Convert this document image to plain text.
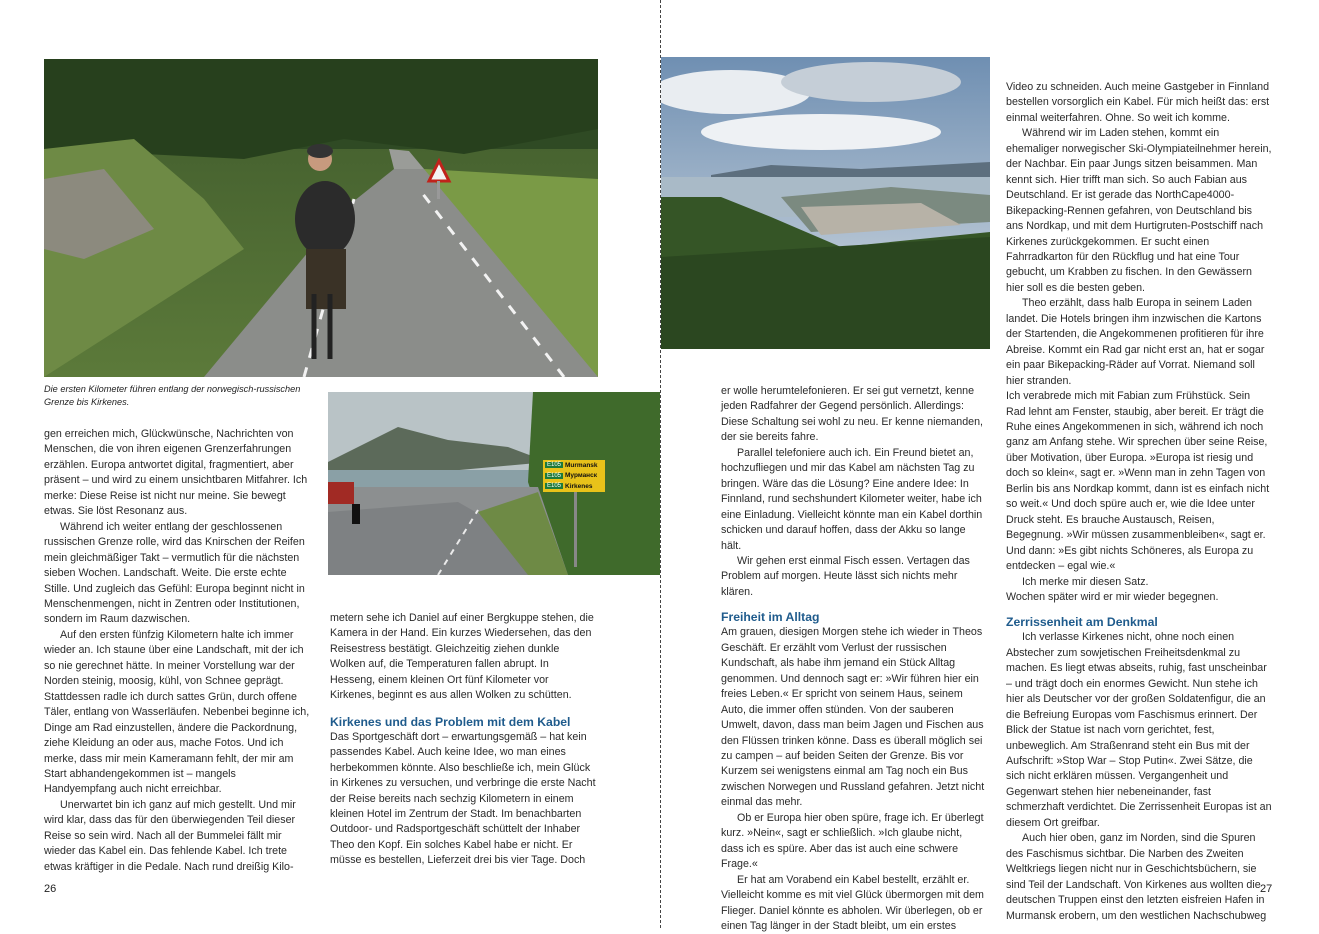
Die ersten Kilometer führen entlang der norwegisch-russischen Grenze bis Kirkenes.
E105 Murmansk
E105 Мурманск
E105 Kirkenes

gen erreichen mich, Glückwünsche, Nachrichten von Menschen, die von ihren eigenen Grenzerfahrungen erzählen. Europa antwortet digital, fragmentiert, aber präsent – und wird zu einem unsichtbaren Mitfahrer. Ich merke: Diese Reise ist nicht nur meine. Sie bewegt etwas. Sie löst Resonanz aus.

Während ich weiter entlang der geschlossenen russischen Grenze rolle, wird das Knirschen der Reifen mein gleichmäßiger Takt – vermutlich für die nächsten sieben Wochen. Landschaft. Weite. Die erste echte Stille. Und zugleich das Gefühl: Europa beginnt nicht in Menschenmengen, nicht in Zentren oder Institutionen, sondern im Raum dazwischen.

Auf den ersten fünfzig Kilometern halte ich immer wieder an. Ich staune über eine Landschaft, mit der ich so nie gerechnet hätte. In meiner Vorstellung war der Norden steinig, moosig, kühl, von Schnee geprägt. Stattdessen radle ich durch sattes Grün, durch offene Täler, entlang von Wasserläufen. Nebenbei beginne ich, Dinge am Rad einzustellen, ändere die Packordnung, ziehe Kleidung an oder aus, mache Fotos. Und ich merke, dass mir mein Kameramann fehlt, der mir am Start abhandengekommen ist – mangels Handyempfang auch nicht erreichbar.

Unerwartet bin ich ganz auf mich gestellt. Und mir wird klar, dass das für den überwiegenden Teil dieser Reise so sein wird. Nach all der Bummelei fällt mir wieder das Kabel ein. Das fehlende Kabel. Ich trete etwas kräftiger in die Pedale. Nach rund dreißig Kilo-

metern sehe ich Daniel auf einer Bergkuppe stehen, die Kamera in der Hand. Ein kurzes Wiedersehen, das den Reisestress bestätigt. Gleichzeitig ziehen dunkle Wolken auf, die Temperaturen fallen abrupt. In Hesseng, einem kleinen Ort fünf Kilometer vor Kirkenes, beginnt es aus allen Wolken zu schütten.

Kirkenes und das Problem mit dem Kabel

Das Sportgeschäft dort – erwartungsgemäß – hat kein passendes Kabel. Auch keine Idee, wo man eines herbekommen könnte. Also beschließe ich, mein Glück in Kirkenes zu versuchen, und verbringe die erste Nacht der Reise bereits nach sechzig Kilometern in einem kleinen Hotel im Zentrum der Stadt. Im benachbarten Outdoor- und Radsportgeschäft schüttelt der Inhaber Theo den Kopf. Ein solches Kabel habe er nicht. Er müsse es bestellen, Lieferzeit drei bis vier Tage. Doch

26

er wolle herumtelefonieren. Er sei gut vernetzt, kenne jeden Radfahrer der Gegend persönlich. Allerdings: Diese Schaltung sei wohl zu neu. Er kenne niemanden, der sie bereits fahre.

Parallel telefoniere auch ich. Ein Freund bietet an, hochzufliegen und mir das Kabel am nächsten Tag zu bringen. Wäre das die Lösung? Eine andere Idee: In Finnland, rund sechshundert Kilometer weiter, habe ich eine Einladung. Vielleicht könnte man ein Kabel dorthin schicken und darauf hoffen, dass der Akku so lange hält.

Wir gehen erst einmal Fisch essen. Vertagen das Problem auf morgen. Heute lässt sich nichts mehr klären.

Freiheit im Alltag

Am grauen, diesigen Morgen stehe ich wieder in Theos Geschäft. Er erzählt vom Verlust der russischen Kundschaft, als habe ihm jemand ein Stück Alltag genommen. Und dennoch sagt er: »Wir führen hier ein freies Leben.« Er spricht von seinem Haus, seinem Auto, die immer offen stünden. Von der sauberen Umwelt, davon, dass man beim Jagen und Fischen aus den Flüssen trinken könne. Dass es überall möglich sei zu campen – auf beiden Seiten der Grenze. Bis vor Kurzem sei wenigstens einmal am Tag noch ein Bus zwischen Norwegen und Russland gefahren. Jetzt nicht einmal das mehr.

Ob er Europa hier oben spüre, frage ich. Er überlegt kurz. »Nein«, sagt er schließlich. »Ich glaube nicht, dass ich es spüre. Aber das ist auch eine schwere Frage.«

Er hat am Vorabend ein Kabel bestellt, erzählt er. Vielleicht komme es mit viel Glück übermorgen mit dem Flieger. Daniel könnte es abholen. Wir überlegen, ob er einen Tag länger in der Stadt bleibt, um ein erstes

Video zu schneiden. Auch meine Gastgeber in Finnland bestellen vorsorglich ein Kabel. Für mich heißt das: erst einmal weiterfahren. Ohne. So weit ich komme.

Während wir im Laden stehen, kommt ein ehemaliger norwegischer Ski-Olympiateilnehmer herein, der Nachbar. Ein paar Jungs sitzen beisammen. Man kennt sich. Hier trifft man sich. So auch Fabian aus Deutschland. Er ist gerade das NorthCape4000-Bikepacking-Rennen gefahren, von Deutschland bis ans Nordkap, und mit dem Hurtigruten-Postschiff nach Kirkenes zurückgekommen. Er sucht einen Fahrradkarton für den Rückflug und hat eine Tour gebucht, um Krabben zu fischen. In den Gewässern hier soll es die besten geben.

Theo erzählt, dass halb Europa in seinem Laden landet. Die Hotels bringen ihm inzwischen die Kartons der Startenden, die Angekommenen profitieren für ihre Abreise. Kommt ein Rad gar nicht erst an, hat er sogar ein paar Bikepacking-Räder auf Vorrat. Niemand soll hier stranden.

Ich verabrede mich mit Fabian zum Frühstück. Sein Rad lehnt am Fenster, staubig, aber bereit. Er trägt die Ruhe eines Angekommenen in sich, während ich noch ganz am Anfang stehe. Wir sprechen über seine Reise, über Motivation, über Europa. »Europa ist riesig und doch so klein«, sagt er. »Wenn man in zehn Tagen von Berlin bis ans Nordkap kommt, dann ist es einfach nicht so weit.« Und doch spüre auch er, wie die Idee unter Druck steht. Es brauche Austausch, Reisen, Begegnung. »Wir müssen zusammenbleiben«, sagt er. Und dann: »Es gibt nichts Schöneres, als Europa zu entdecken – egal wie.«

Ich merke mir diesen Satz.

Wochen später wird er mir wieder begegnen.

Zerrissenheit am Denkmal

Ich verlasse Kirkenes nicht, ohne noch einen Abstecher zum sowjetischen Freiheitsdenkmal zu machen. Es liegt etwas abseits, ruhig, fast unscheinbar – und trägt doch ein enormes Gewicht. Nun stehe ich hier als Deutscher vor der großen Soldatenfigur, die an die Befreiung Europas vom Faschismus erinnert. Der Blick der Statue ist nach vorn gerichtet, fest, unbeweglich. Am Straßenrand steht ein Bus mit der Aufschrift: »Stop War – Stop Putin«. Zwei Sätze, die sich nicht erklären müssen. Vergangenheit und Gegenwart stehen hier nebeneinander, fast schmerzhaft verdichtet. Die Zerrissenheit Europas ist an diesem Ort greifbar.

Auch hier oben, ganz im Norden, sind die Spuren des Faschismus sichtbar. Die Narben des Zweiten Weltkriegs liegen nicht nur in Geschichtsbüchern, sie sind Teil der Landschaft. Von Kirkenes aus wollten die deutschen Truppen einst den letzten eisfreien Hafen in Murmansk erobern, um den westlichen Nachschubweg

27
